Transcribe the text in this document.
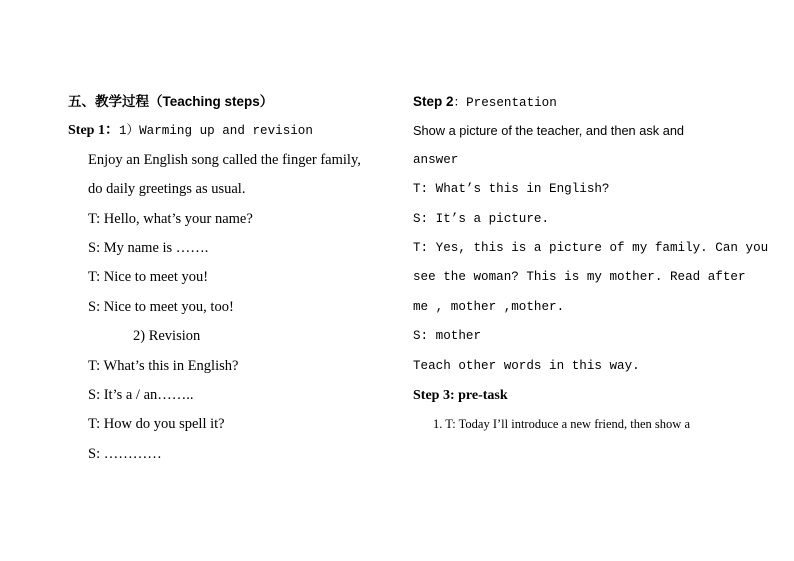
五、教学过程（Teaching steps）
Step 1：1）Warming up and revision
Enjoy an English song called the finger family,
do daily greetings as usual.
T: Hello, what’s your name?
S: My name is …….
T: Nice to meet you!
S: Nice to meet you, too!
2) Revision
T: What’s this in English?
S: It’s a / an……..
T: How do you spell it?
S: …………
Step 2：Presentation
Show a picture of the teacher, and then ask and
answer
T: What’s this in English?
S: It’s a picture.
T: Yes, this is a picture of my family. Can you
see the woman? This is my mother. Read after
me , mother ,mother.
S: mother
Teach other words in this way.
Step 3: pre-task
1. T: Today I’ll introduce a new friend, then show a
